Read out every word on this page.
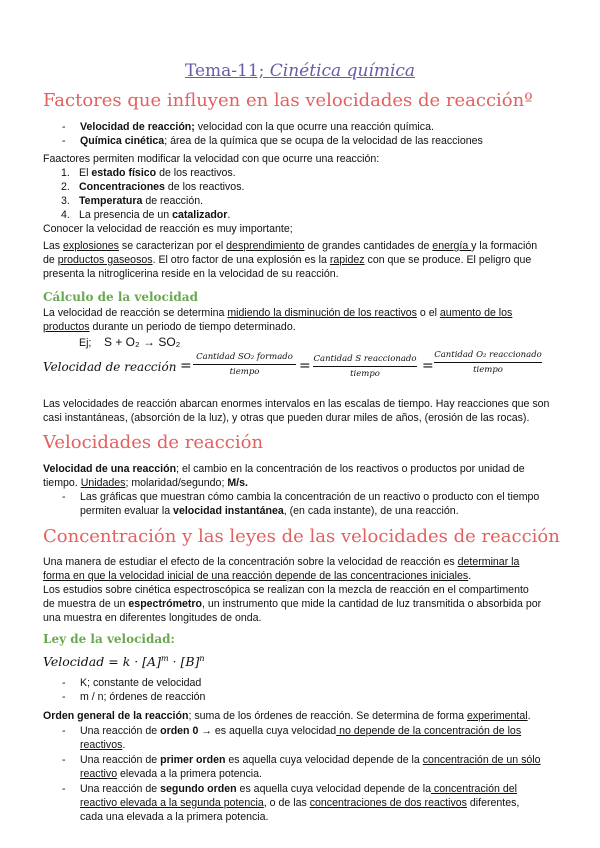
Tema-11; Cinética química
Factores que influyen en las velocidades de reacciónº
- Velocidad de reacción; velocidad con la que ocurre una reacción química.
- Química cinética; área de la química que se ocupa de la velocidad de las reacciones
Faactores permiten modificar la velocidad con que ocurre una reacción:
1. El estado físico de los reactivos.
2. Concentraciones de los reactivos.
3. Temperatura de reacción.
4. La presencia de un catalizador.
Conocer la velocidad de reacción es muy importante;
Las explosiones se caracterizan por el desprendimiento de grandes cantidades de energía y la formación
de productos gaseosos. El otro factor de una explosión es la rapidez con que se produce. El peligro que
presenta la nitroglicerina reside en la velocidad de su reacción.
Cálculo de la velocidad
La velocidad de reacción se determina midiendo la disminución de los reactivos o el aumento de los
productos durante un periodo de tiempo determinado.
Ej; S + O₂ → SO₂
Velocidad de reacción =
Cantidad SO₂ formado
tiempo	= Cantidad S reaccionado
tiempo	=
Cantidad O₂ reaccionado
tiempo
Las velocidades de reacción abarcan enormes intervalos en las escalas de tiempo. Hay reacciones que son
casi instantáneas, (absorción de la luz), y otras que pueden durar miles de años, (erosión de las rocas).
Velocidades de reacción
Velocidad de una reacción; el cambio en la concentración de los reactivos o productos por unidad de
tiempo. Unidades; molaridad/segundo; M/s.
- Las gráficas que muestran cómo cambia la concentración de un reactivo o producto con el tiempo
permiten evaluar la velocidad instantánea, (en cada instante), de una reacción.
Concentración y las leyes de las velocidades de reacción
Una manera de estudiar el efecto de la concentración sobre la velocidad de reacción es determinar la
forma en que la velocidad inicial de una reacción depende de las concentraciones iniciales.
Los estudios sobre cinética espectroscópica se realizan con la mezcla de reacción en el compartimento
de muestra de un espectrómetro, un instrumento que mide la cantidad de luz transmitida o absorbida por
una muestra en diferentes longitudes de onda.
Ley de la velocidad:
Velocidad = $k \cdot [A]^m \cdot [B]^n$
- K; constante de velocidad
- m / n; órdenes de reacción
Orden general de la reacción; suma de los órdenes de reacción. Se determina de forma experimental.
- Una reacción de orden 0 → es aquella cuya velocidad no depende de la concentración de los
reactivos.
- Una reacción de primer orden es aquella cuya velocidad depende de la concentración de un sólo
reactivo elevada a la primera potencia.
- Una reacción de segundo orden es aquella cuya velocidad depende de la concentración del
reactivo elevada a la segunda potencia, o de las concentraciones de dos reactivos diferentes,
cada una elevada a la primera potencia.
